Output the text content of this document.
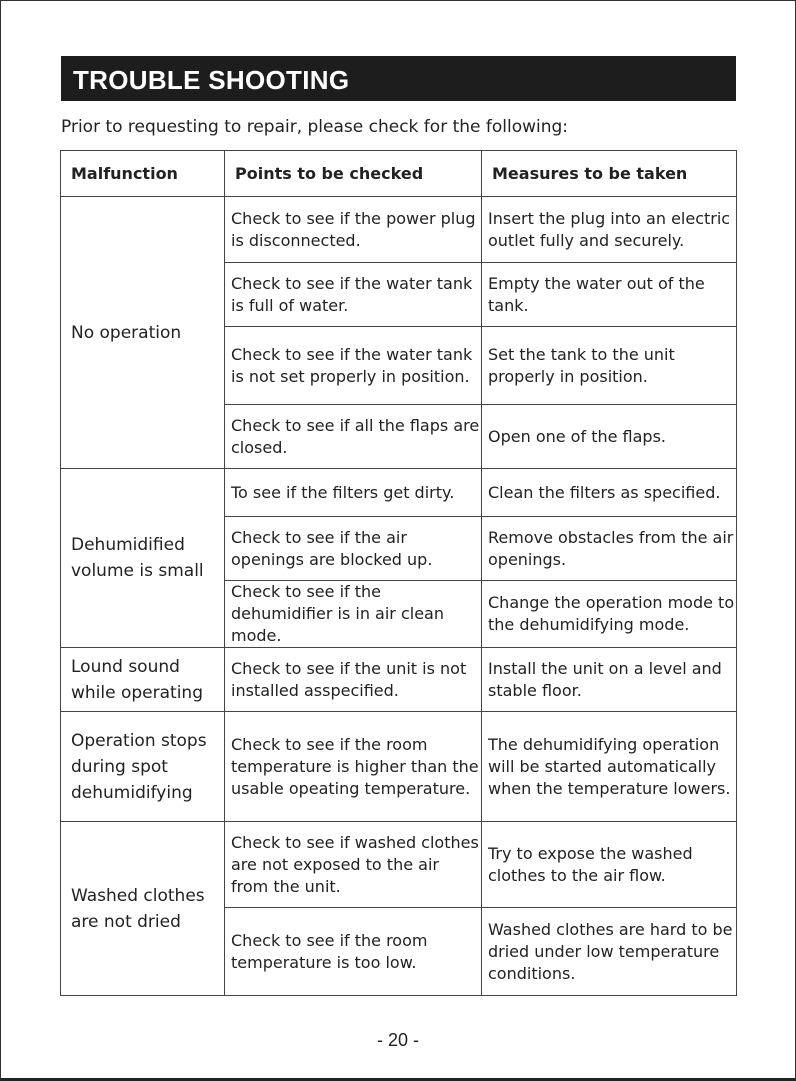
TROUBLE SHOOTING
Prior to requesting to repair, please check for the following:
Malfunction	Points to be checked	Measures to be taken

No operation	Check to see if the power plug is disconnected.	Insert the plug into an electric outlet fully and securely.
	Check to see if the water tank is full of water.	Empty the water out of the tank.
	Check to see if the water tank is not set properly in position.	Set the tank to the unit properly in position.
	Check to see if all the flaps are closed.	Open one of the flaps.

Dehumidified volume is small	To see if the filters get dirty.	Clean the filters as specified.
	Check to see if the air openings are blocked up.	Remove obstacles from the air openings.
	Check to see if the dehumidifier is in air clean mode.	Change the operation mode to the dehumidifying mode.

Lound sound while operating	Check to see if the unit is not installed asspecified.	Install the unit on a level and stable floor.

Operation stops during spot dehumidifying	Check to see if the room temperature is higher than the usable opeating temperature.	The dehumidifying operation will be started automatically when the temperature lowers.

Washed clothes are not dried	Check to see if washed clothes are not exposed to the air from the unit.	Try to expose the washed clothes to the air flow.
	Check to see if the room temperature is too low.	Washed clothes are hard to be dried under low temperature conditions.
- 20 -
